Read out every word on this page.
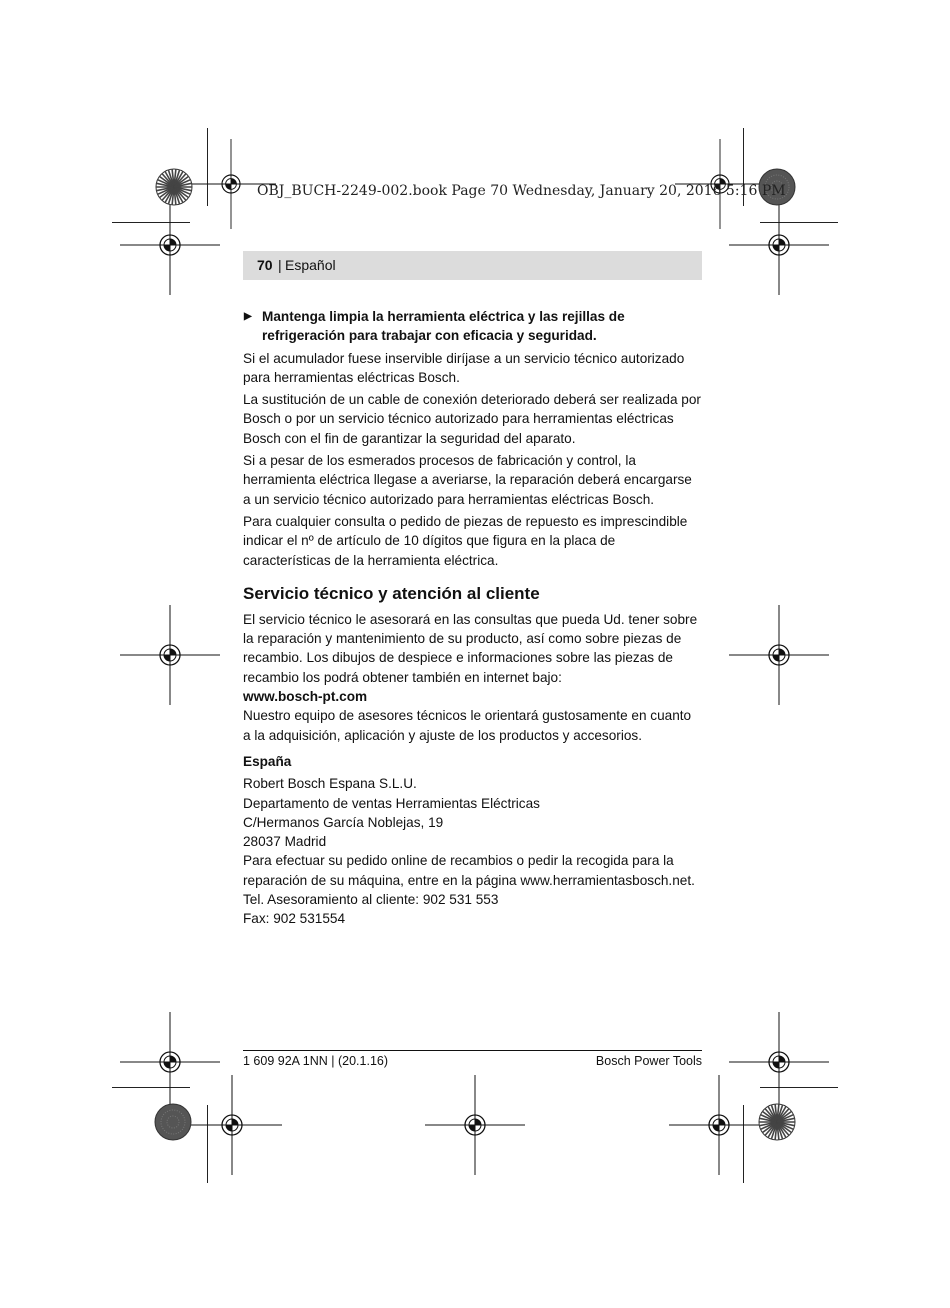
OBJ_BUCH-2249-002.book Page 70 Wednesday, January 20, 2016 5:16 PM
70 | Español
▶ Mantenga limpia la herramienta eléctrica y las rejillas de refrigeración para trabajar con eficacia y seguridad.

Si el acumulador fuese inservible diríjase a un servicio técnico autorizado para herramientas eléctricas Bosch.

La sustitución de un cable de conexión deteriorado deberá ser realizada por Bosch o por un servicio técnico autorizado para herramientas eléctricas Bosch con el fin de garantizar la seguridad del aparato.

Si a pesar de los esmerados procesos de fabricación y control, la herramienta eléctrica llegase a averiarse, la reparación deberá encargarse a un servicio técnico autorizado para herramientas eléctricas Bosch.

Para cualquier consulta o pedido de piezas de repuesto es imprescindible indicar el nº de artículo de 10 dígitos que figura en la placa de características de la herramienta eléctrica.

Servicio técnico y atención al cliente
El servicio técnico le asesorará en las consultas que pueda Ud. tener sobre la reparación y mantenimiento de su producto, así como sobre piezas de recambio. Los dibujos de despiece e informaciones sobre las piezas de recambio los podrá obtener también en internet bajo:
www.bosch-pt.com
Nuestro equipo de asesores técnicos le orientará gustosamente en cuanto a la adquisición, aplicación y ajuste de los productos y accesorios.
España
Robert Bosch Espana S.L.U.
Departamento de ventas Herramientas Eléctricas
C/Hermanos García Noblejas, 19
28037 Madrid
Para efectuar su pedido online de recambios o pedir la recogida para la reparación de su máquina, entre en la página www.herramientasbosch.net.
Tel. Asesoramiento al cliente: 902 531 553
Fax: 902 531554
1 609 92A 1NN | (20.1.16)	Bosch Power Tools
